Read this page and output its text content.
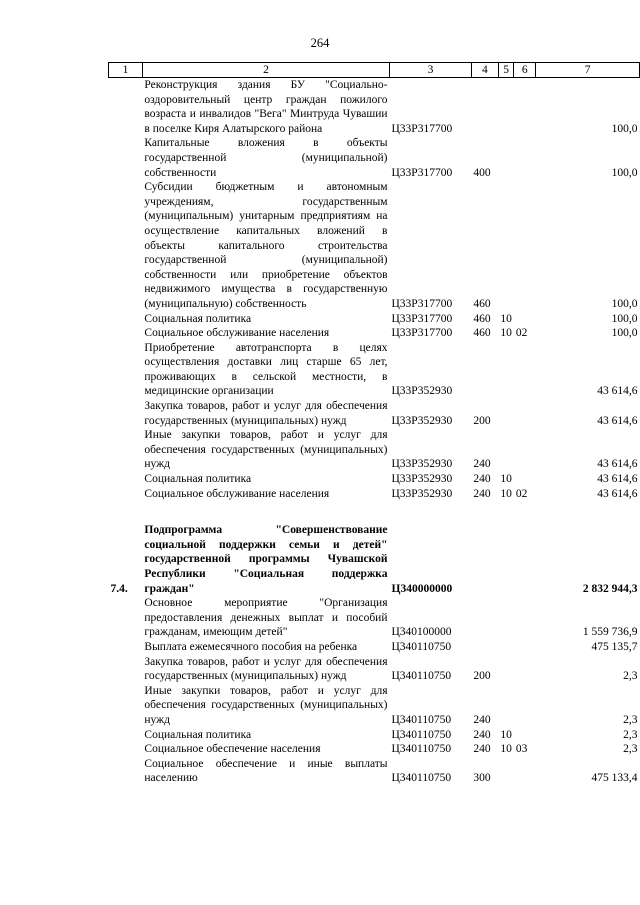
264
1	2	3	4	5	6	7
	Реконструкция здания БУ "Социально-оздоровительный центр граждан пожилого возраста и инвалидов "Вега" Минтруда Чувашии в поселке Киря Алатырского района	Ц33Р317700				100,0
	Капитальные вложения в объекты государственной (муниципальной) собственности	Ц33Р317700	400			100,0
	Субсидии бюджетным и автономным учреждениям, государственным (муниципальным) унитарным предприятиям на осуществление капитальных вложений в объекты капитального строительства государственной (муниципальной) собственности или приобретение объектов недвижимого имущества в государственную (муниципальную) собственность	Ц33Р317700	460			100,0
	Социальная политика	Ц33Р317700	460	10		100,0
	Социальное обслуживание населения	Ц33Р317700	460	10	02	100,0
	Приобретение автотранспорта в целях осуществления доставки лиц старше 65 лет, проживающих в сельской местности, в медицинские организации	Ц33Р352930				43 614,6
	Закупка товаров, работ и услуг для обеспечения государственных (муниципальных) нужд	Ц33Р352930	200			43 614,6
	Иные закупки товаров, работ и услуг для обеспечения государственных (муниципальных) нужд	Ц33Р352930	240			43 614,6
	Социальная политика	Ц33Р352930	240	10		43 614,6
	Социальное обслуживание населения	Ц33Р352930	240	10	02	43 614,6

7.4.	Подпрограмма "Совершенствование социальной поддержки семьи и детей" государственной программы Чувашской Республики "Социальная поддержка граждан"	Ц340000000				2 832 944,3
	Основное мероприятие "Организация предоставления денежных выплат и пособий гражданам, имеющим детей"	Ц340100000				1 559 736,9
	Выплата ежемесячного пособия на ребенка	Ц340110750				475 135,7
	Закупка товаров, работ и услуг для обеспечения государственных (муниципальных) нужд	Ц340110750	200			2,3
	Иные закупки товаров, работ и услуг для обеспечения государственных (муниципальных) нужд	Ц340110750	240			2,3
	Социальная политика	Ц340110750	240	10		2,3
	Социальное обеспечение населения	Ц340110750	240	10	03	2,3
	Социальное обеспечение и иные выплаты населению	Ц340110750	300			475 133,4
